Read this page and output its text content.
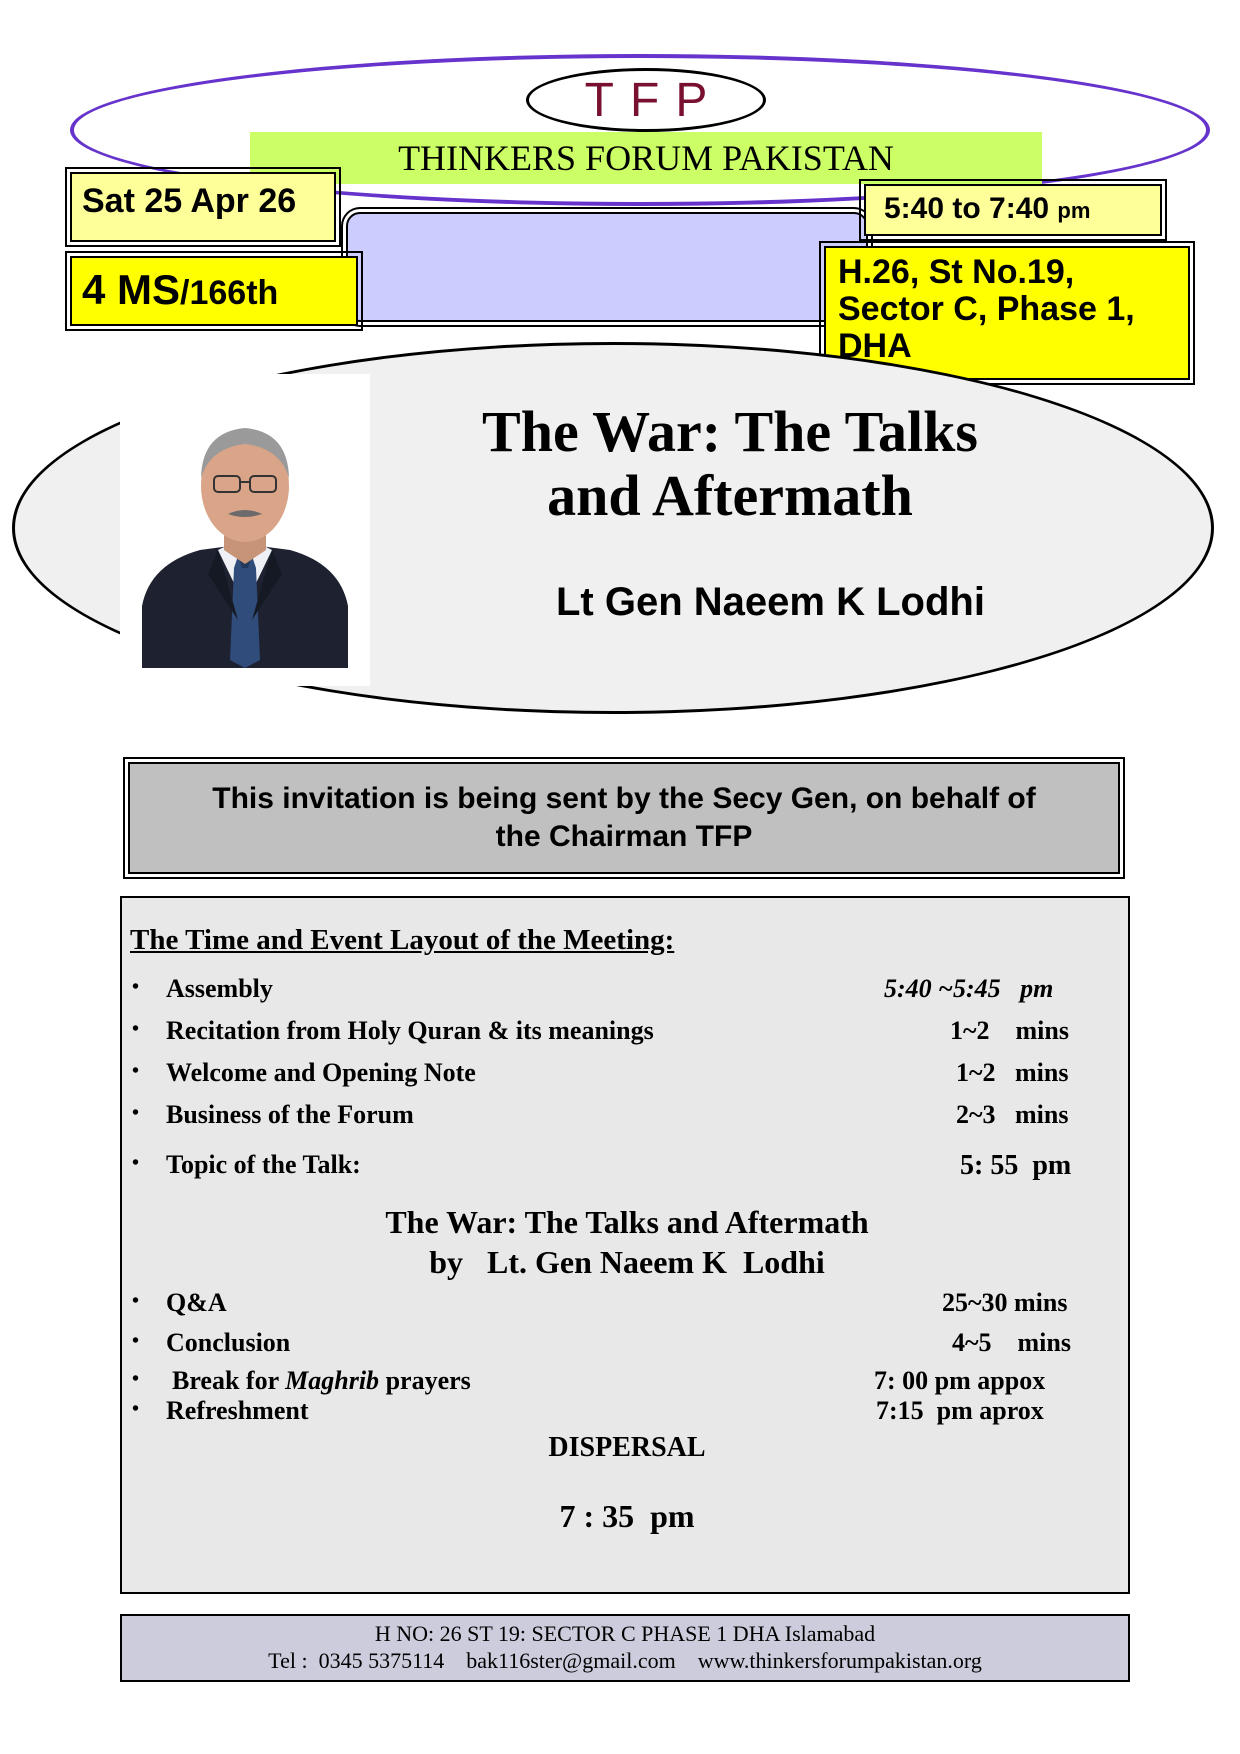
THINKERS FORUM PAKISTAN
TFP
Sat 25 Apr 26	5:40 to 7:40 pm
4 MS/166th
H.26, St No.19, Sector C, Phase 1, DHA
The War: The Talks
and Aftermath
Lt Gen Naeem K Lodhi
This invitation is being sent by the Secy Gen, on behalf of
the Chairman TFP
The Time and Event Layout of the Meeting:
• Assembly	5:40 ~5:45   pm
• Recitation from Holy Quran & its meanings	1~2    mins
• Welcome and Opening Note	1~2   mins
• Business of the Forum	2~3   mins
• Topic of the Talk:	5: 55  pm
The War: The Talks and Aftermath
by   Lt. Gen Naeem K  Lodhi
• Q&A	25~30 mins
• Conclusion	4~5    mins
• Break for Maghrib prayers	7: 00 pm appox
• Refreshment	7:15  pm aprox
DISPERSAL
7 : 35  pm
H NO: 26 ST 19: SECTOR C PHASE 1 DHA Islamabad
Tel :  0345 5375114    bak116ster@gmail.com    www.thinkersforumpakistan.org
